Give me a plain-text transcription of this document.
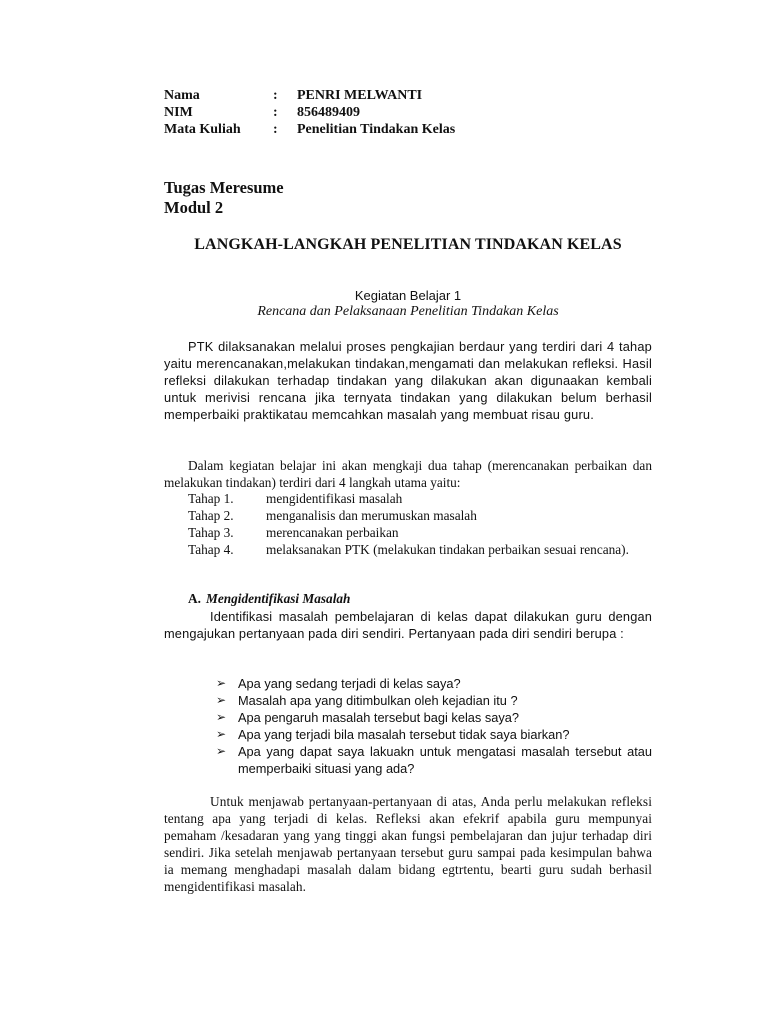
Nama	:	PENRI MELWANTI
NIM	:	856489409
Mata Kuliah	:	Penelitian Tindakan Kelas
Tugas Meresume
Modul 2
LANGKAH-LANGKAH PENELITIAN TINDAKAN KELAS
Kegiatan Belajar 1
Rencana dan Pelaksanaan Penelitian Tindakan Kelas
PTK dilaksanakan melalui proses pengkajian berdaur yang terdiri dari 4 tahap yaitu merencanakan,melakukan tindakan,mengamati dan melakukan refleksi. Hasil refleksi dilakukan terhadap tindakan yang dilakukan akan digunaakan kembali untuk merivisi rencana jika ternyata tindakan yang dilakukan belum berhasil memperbaiki praktikatau memcahkan masalah yang membuat risau guru.
Dalam kegiatan belajar ini akan mengkaji dua tahap (merencanakan perbaikan dan melakukan tindakan) terdiri dari 4 langkah utama yaitu:
Tahap 1.	mengidentifikasi masalah
Tahap 2.	menganalisis dan merumuskan masalah
Tahap 3.	merencanakan perbaikan
Tahap 4.	melaksanakan PTK (melakukan tindakan perbaikan sesuai rencana).
A. Mengidentifikasi Masalah
Identifikasi masalah pembelajaran di kelas dapat dilakukan guru dengan mengajukan pertanyaan pada diri sendiri. Pertanyaan pada diri sendiri berupa :
➢ Apa yang sedang terjadi di kelas saya?
➢ Masalah apa yang ditimbulkan oleh kejadian itu ?
➢ Apa pengaruh masalah tersebut bagi kelas saya?
➢ Apa yang terjadi bila masalah tersebut tidak saya biarkan?
➢ Apa yang dapat saya lakuakn untuk mengatasi masalah tersebut atau memperbaiki situasi yang ada?
Untuk menjawab pertanyaan-pertanyaan di atas, Anda perlu melakukan refleksi tentang apa yang terjadi di kelas. Refleksi akan efekrif apabila guru mempunyai pemaham /kesadaran yang yang tinggi akan fungsi pembelajaran dan jujur terhadap diri sendiri. Jika setelah menjawab pertanyaan tersebut guru sampai pada kesimpulan bahwa ia memang menghadapi masalah dalam bidang egtrtentu, bearti guru sudah berhasil mengidentifikasi masalah.
